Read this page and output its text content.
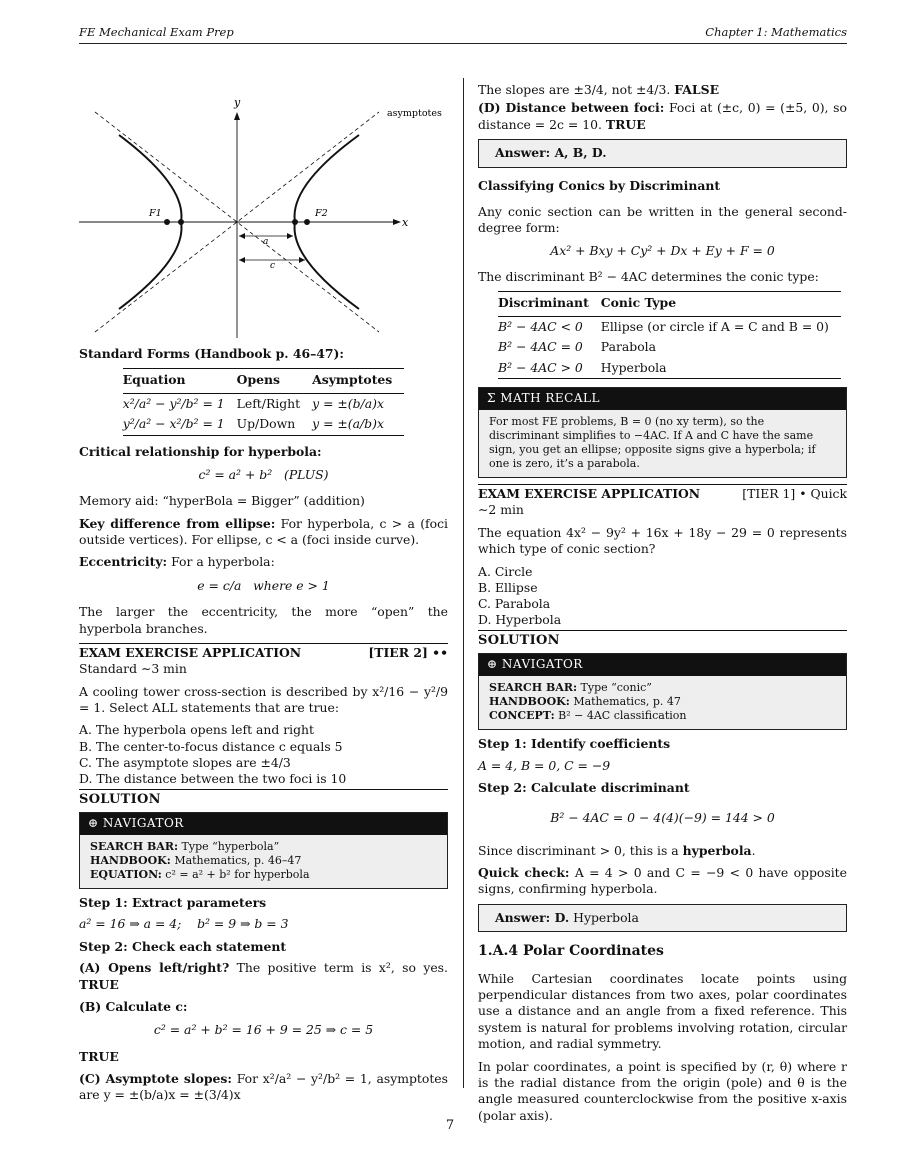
FE Mechanical Exam Prep	Chapter 1: Mathematics
y
x
asymptotes
F1	F2
a
c
Standard Forms (Handbook p. 46–47):
Equation	Opens	Asymptotes
x²/a² − y²/b² = 1	Left/Right	y = ±(b/a)x
y²/a² − x²/b² = 1	Up/Down	y = ±(a/b)x
Critical relationship for hyperbola:
c² = a² + b²   (PLUS)

Memory aid: “hyperBola = Bigger” (addition)

Key difference from ellipse: For hyperbola, c > a (foci outside vertices). For ellipse, c < a (foci inside curve).

Eccentricity: For a hyperbola:

e = c/a   where e > 1

The larger the eccentricity, the more “open” the hyperbola branches.

EXAM EXERCISE APPLICATION	[TIER 2] ••
Standard ∼3 min

A cooling tower cross-section is described by x²/16 − y²/9 = 1. Select ALL statements that are true:

A. The hyperbola opens left and right
B. The center-to-focus distance c equals 5
C. The asymptote slopes are ±4/3
D. The distance between the two foci is 10
SOLUTION
⊕ NAVIGATOR
SEARCH BAR: Type “hyperbola”
HANDBOOK: Mathematics, p. 46–47
EQUATION: c² = a² + b² for hyperbola
Step 1: Extract parameters

a² = 16 ⇒ a = 4;    b² = 9 ⇒ b = 3

Step 2: Check each statement

(A) Opens left/right? The positive term is x², so yes. TRUE

(B) Calculate c:

c² = a² + b² = 16 + 9 = 25 ⇒ c = 5

TRUE

(C) Asymptote slopes: For x²/a² − y²/b² = 1, asymptotes are y = ±(b/a)x = ±(3/4)x

The slopes are ±3/4, not ±4/3. FALSE

(D) Distance between foci: Foci at (±c, 0) = (±5, 0), so distance = 2c = 10. TRUE

Answer: A, B, D.
Classifying Conics by Discriminant

Any conic section can be written in the general second-degree form:

Ax² + Bxy + Cy² + Dx + Ey + F = 0

The discriminant B² − 4AC determines the conic type:

Discriminant	Conic Type
B² − 4AC < 0	Ellipse (or circle if A = C and B = 0)
B² − 4AC = 0	Parabola
B² − 4AC > 0	Hyperbola
Σ MATH RECALL
For most FE problems, B = 0 (no xy term), so the discriminant simplifies to −4AC. If A and C have the same sign, you get an ellipse; opposite signs give a hyperbola; if one is zero, it’s a parabola.
EXAM EXERCISE APPLICATION	[TIER 1] • Quick
∼2 min

The equation 4x² − 9y² + 16x + 18y − 29 = 0 represents which type of conic section?

A. Circle
B. Ellipse
C. Parabola
D. Hyperbola
SOLUTION
⊕ NAVIGATOR
SEARCH BAR: Type “conic”
HANDBOOK: Mathematics, p. 47
CONCEPT: B² − 4AC classification
Step 1: Identify coefficients

A = 4, B = 0, C = −9

Step 2: Calculate discriminant
B² − 4AC = 0 − 4(4)(−9) = 144 > 0

Since discriminant > 0, this is a hyperbola.

Quick check: A = 4 > 0 and C = −9 < 0 have opposite signs, confirming hyperbola.

Answer: D. Hyperbola
1.A.4 Polar Coordinates

While Cartesian coordinates locate points using perpendicular distances from two axes, polar coordinates use a distance and an angle from a fixed reference. This system is natural for problems involving rotation, circular motion, and radial symmetry.

In polar coordinates, a point is specified by (r, θ) where r is the radial distance from the origin (pole) and θ is the angle measured counterclockwise from the positive x-axis (polar axis).

7
